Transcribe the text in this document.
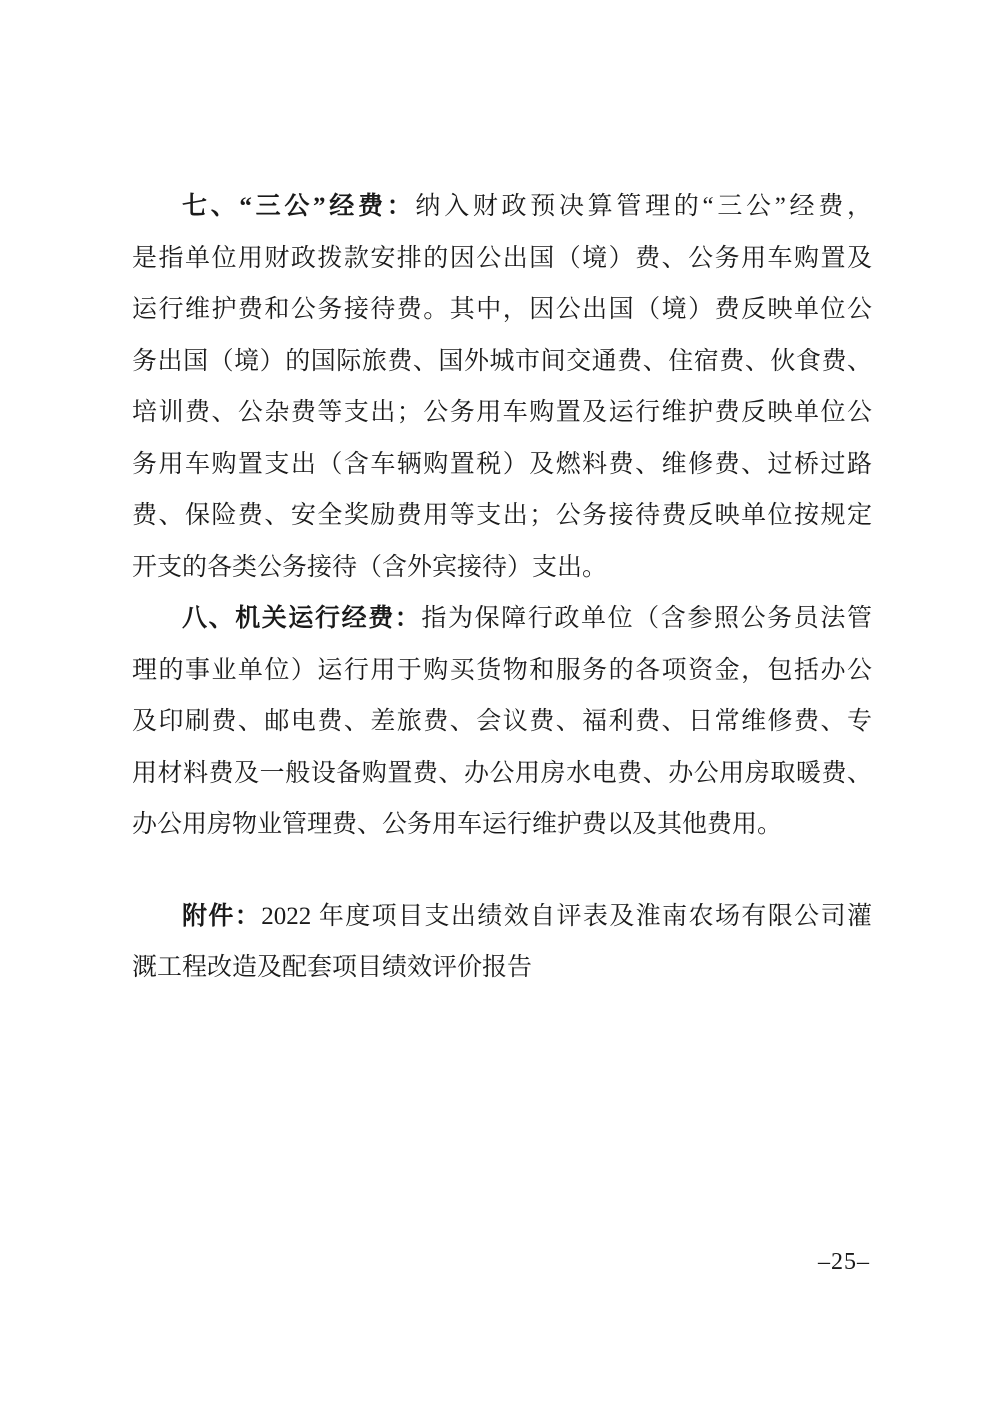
七、“三公”经费：纳入财政预决算管理的“三公”经费，
是指单位用财政拨款安排的因公出国（境）费、公务用车购置及
运行维护费和公务接待费。其中，因公出国（境）费反映单位公
务出国（境）的国际旅费、国外城市间交通费、住宿费、伙食费、
培训费、公杂费等支出；公务用车购置及运行维护费反映单位公
务用车购置支出（含车辆购置税）及燃料费、维修费、过桥过路
费、保险费、安全奖励费用等支出；公务接待费反映单位按规定
开支的各类公务接待（含外宾接待）支出。
八、机关运行经费：指为保障行政单位（含参照公务员法管
理的事业单位）运行用于购买货物和服务的各项资金，包括办公
及印刷费、邮电费、差旅费、会议费、福利费、日常维修费、专
用材料费及一般设备购置费、办公用房水电费、办公用房取暖费、
办公用房物业管理费、公务用车运行维护费以及其他费用。
附件：2022 年度项目支出绩效自评表及淮南农场有限公司灌
溉工程改造及配套项目绩效评价报告
–25–
